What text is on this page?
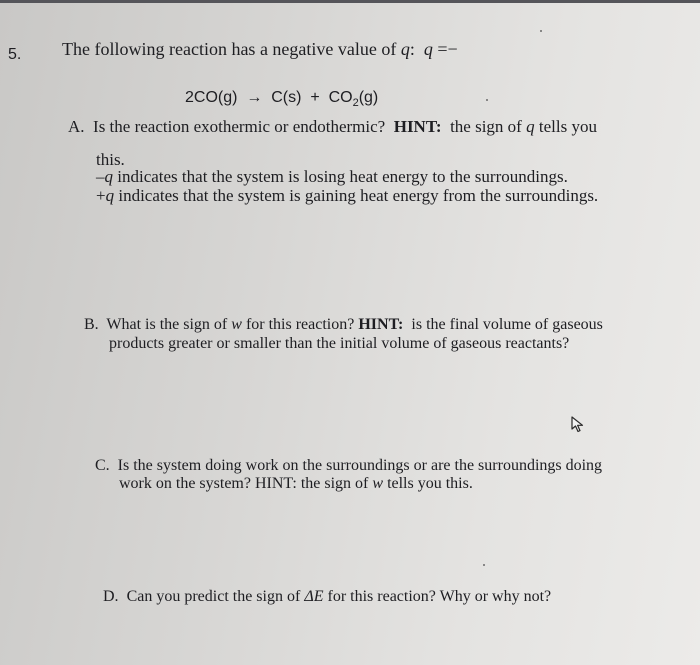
5. The following reaction has a negative value of q: q =−
$2CO(g) \to C(s) + CO_2(g)$
A. Is the reaction exothermic or endothermic? HINT: the sign of q tells you
this.
–q indicates that the system is losing heat energy to the surroundings.
+q indicates that the system is gaining heat energy from the surroundings.
B. What is the sign of w for this reaction? HINT: is the final volume of gaseous
products greater or smaller than the initial volume of gaseous reactants?
C. Is the system doing work on the surroundings or are the surroundings doing
work on the system? HINT: the sign of w tells you this.
D. Can you predict the sign of ΔE for this reaction? Why or why not?
